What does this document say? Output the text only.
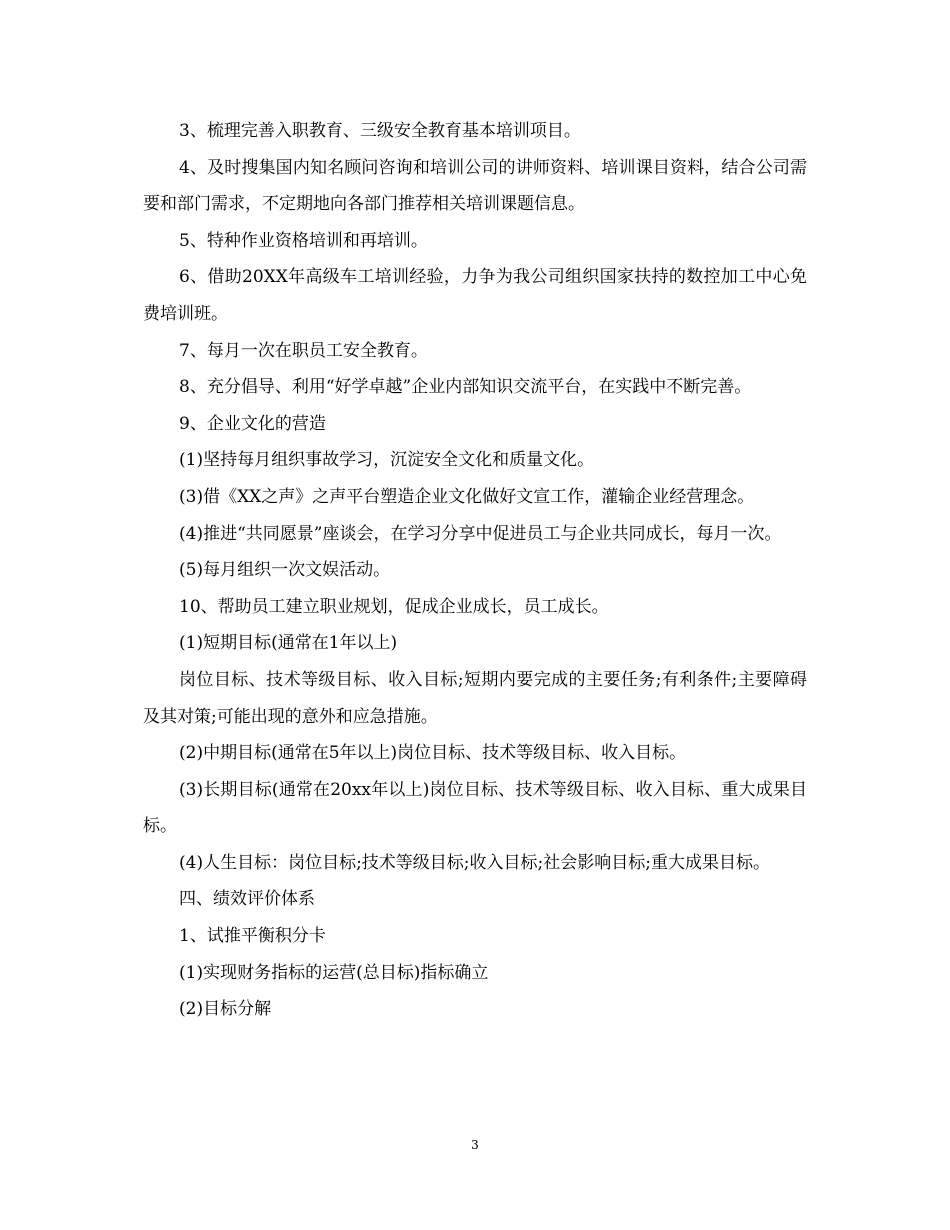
3、梳理完善入职教育、三级安全教育基本培训项目。

4、及时搜集国内知名顾问咨询和培训公司的讲师资料、培训课目资料，结合公司需要和部门需求，不定期地向各部门推荐相关培训课题信息。

5、特种作业资格培训和再培训。

6、借助20XX年高级车工培训经验，力争为我公司组织国家扶持的数控加工中心免费培训班。

7、每月一次在职员工安全教育。

8、充分倡导、利用“好学卓越”企业内部知识交流平台，在实践中不断完善。

9、企业文化的营造

(1)坚持每月组织事故学习，沉淀安全文化和质量文化。

(3)借《XX之声》之声平台塑造企业文化做好文宣工作，灌输企业经营理念。

(4)推进“共同愿景”座谈会，在学习分享中促进员工与企业共同成长，每月一次。

(5)每月组织一次文娱活动。

10、帮助员工建立职业规划，促成企业成长，员工成长。

(1)短期目标(通常在1年以上)

岗位目标、技术等级目标、收入目标;短期内要完成的主要任务;有利条件;主要障碍及其对策;可能出现的意外和应急措施。

(2)中期目标(通常在5年以上)岗位目标、技术等级目标、收入目标。

(3)长期目标(通常在20xx年以上)岗位目标、技术等级目标、收入目标、重大成果目标。

(4)人生目标：岗位目标;技术等级目标;收入目标;社会影响目标;重大成果目标。

四、绩效评价体系

1、试推平衡积分卡

(1)实现财务指标的运营(总目标)指标确立

(2)目标分解

3
